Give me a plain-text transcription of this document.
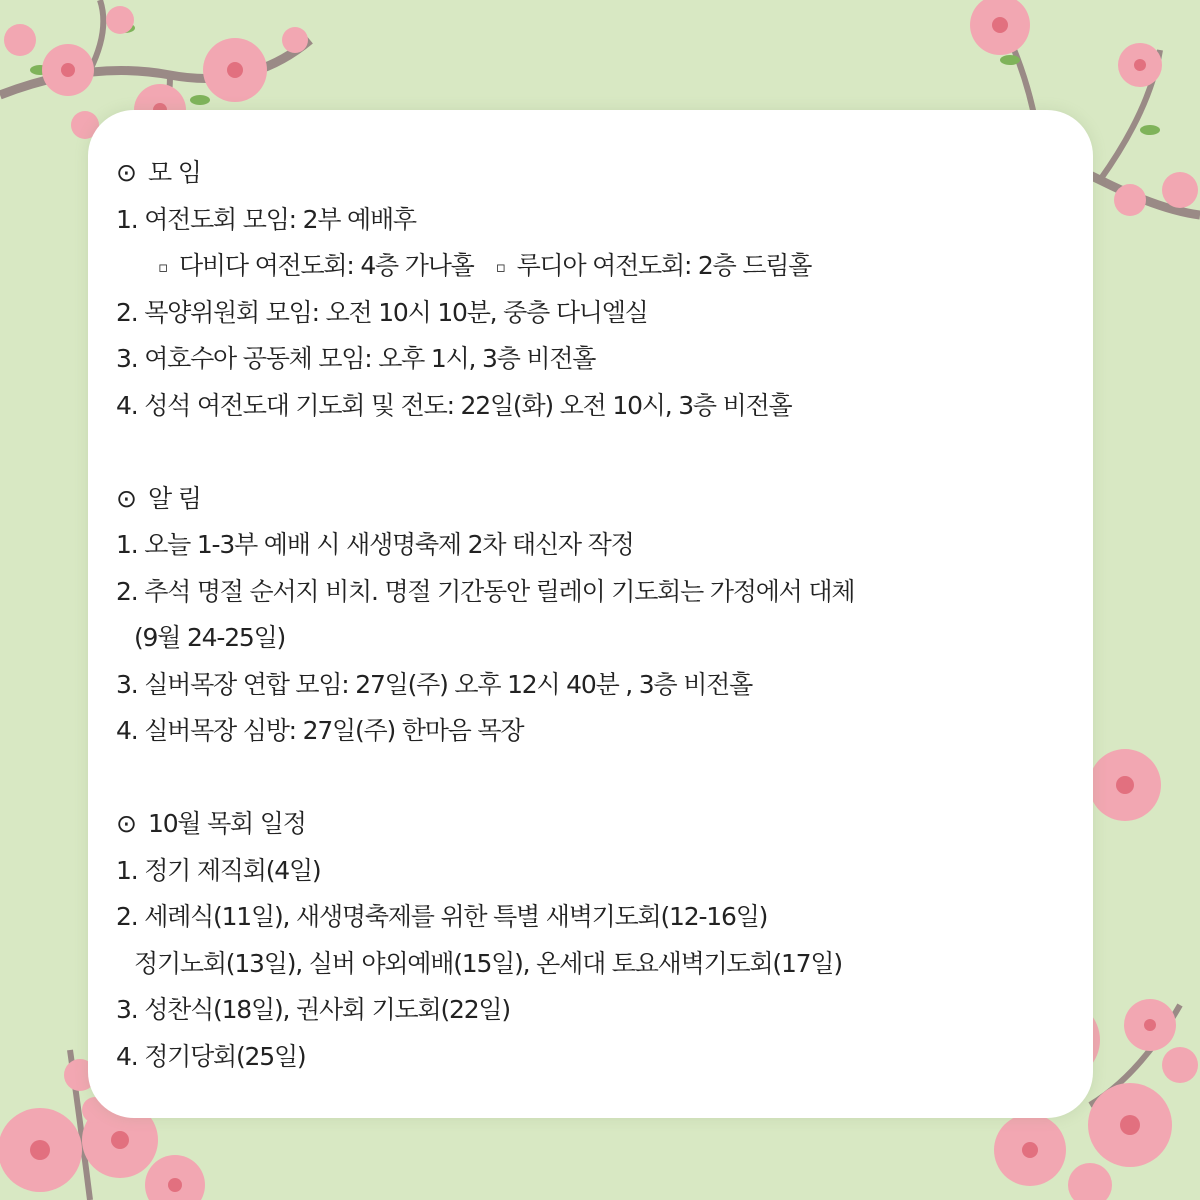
⊙ 모 임
1. 여전도회 모임: 2부 예배후
▫ 다비다 여전도회: 4층 가나홀 ▫ 루디아 여전도회: 2층 드림홀
2. 목양위원회 모임: 오전 10시 10분, 중층 다니엘실
3. 여호수아 공동체 모임: 오후 1시, 3층 비전홀
4. 성석 여전도대 기도회 및 전도: 22일(화) 오전 10시, 3층 비전홀
⊙ 알 림
1. 오늘 1-3부 예배 시 새생명축제 2차 태신자 작정
2. 추석 명절 순서지 비치. 명절 기간동안 릴레이 기도회는 가정에서 대체
(9월 24-25일)
3. 실버목장 연합 모임: 27일(주) 오후 12시 40분 , 3층 비전홀
4. 실버목장 심방: 27일(주) 한마음 목장
⊙ 10월 목회 일정
1. 정기 제직회(4일)
2. 세례식(11일), 새생명축제를 위한 특별 새벽기도회(12-16일)
정기노회(13일), 실버 야외예배(15일), 온세대 토요새벽기도회(17일)
3. 성찬식(18일), 권사회 기도회(22일)
4. 정기당회(25일)
